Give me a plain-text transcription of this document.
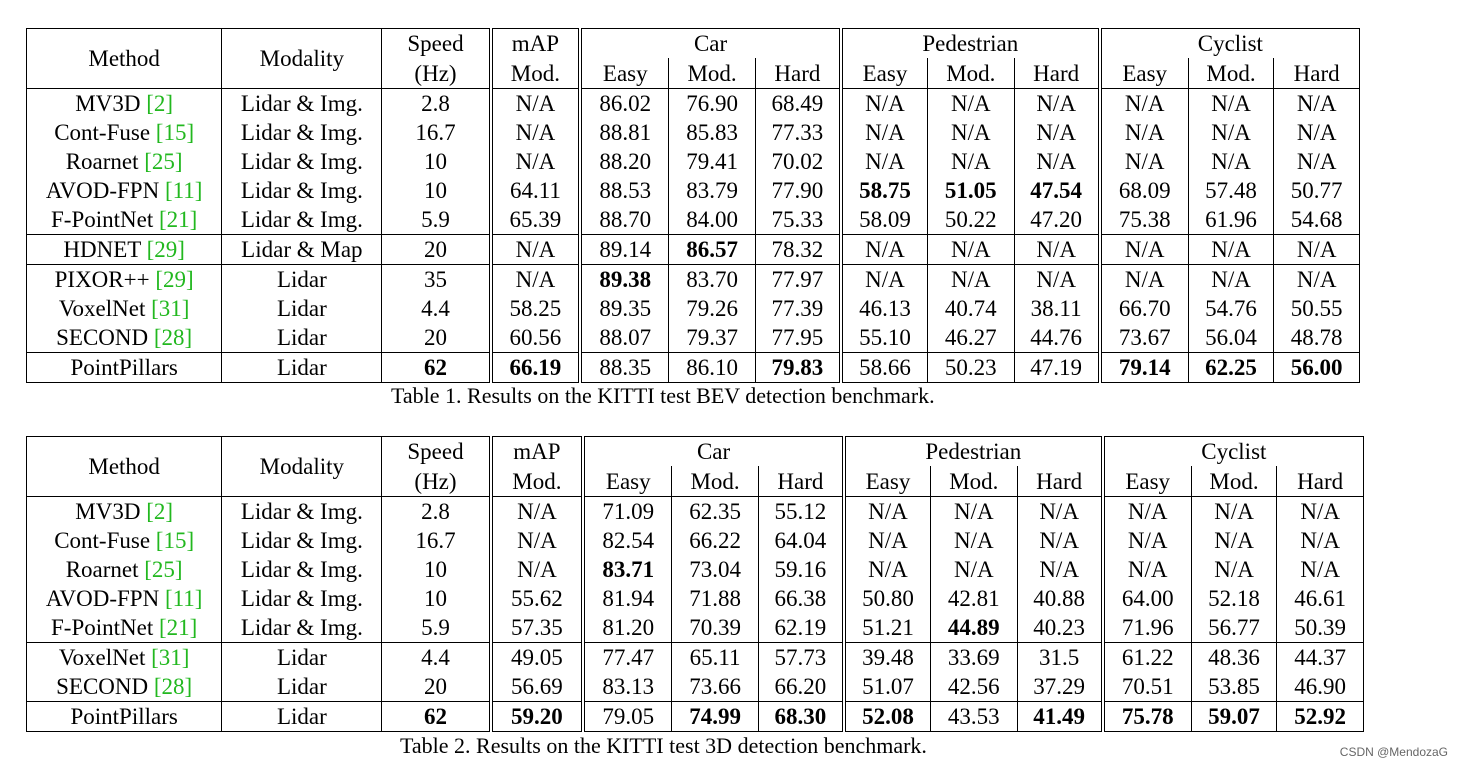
Method	Modality	Speed	mAP	Car			Pedestrian			Cyclist		
		(Hz)	Mod.	Easy	Mod.	Hard	Easy	Mod.	Hard	Easy	Mod.	Hard
MV3D [2]	Lidar & Img.	2.8	N/A	86.02	76.90	68.49	N/A	N/A	N/A	N/A	N/A	N/A
Cont-Fuse [15]	Lidar & Img.	16.7	N/A	88.81	85.83	77.33	N/A	N/A	N/A	N/A	N/A	N/A
Roarnet [25]	Lidar & Img.	10	N/A	88.20	79.41	70.02	N/A	N/A	N/A	N/A	N/A	N/A
AVOD-FPN [11]	Lidar & Img.	10	64.11	88.53	83.79	77.90	58.75	51.05	47.54	68.09	57.48	50.77
F-PointNet [21]	Lidar & Img.	5.9	65.39	88.70	84.00	75.33	58.09	50.22	47.20	75.38	61.96	54.68
HDNET [29]	Lidar & Map	20	N/A	89.14	86.57	78.32	N/A	N/A	N/A	N/A	N/A	N/A
PIXOR++ [29]	Lidar	35	N/A	89.38	83.70	77.97	N/A	N/A	N/A	N/A	N/A	N/A
VoxelNet [31]	Lidar	4.4	58.25	89.35	79.26	77.39	46.13	40.74	38.11	66.70	54.76	50.55
SECOND [28]	Lidar	20	60.56	88.07	79.37	77.95	55.10	46.27	44.76	73.67	56.04	48.78
PointPillars	Lidar	62	66.19	88.35	86.10	79.83	58.66	50.23	47.19	79.14	62.25	56.00
Table 1. Results on the KITTI test BEV detection benchmark.
Method	Modality	Speed	mAP	Car			Pedestrian			Cyclist		
		(Hz)	Mod.	Easy	Mod.	Hard	Easy	Mod.	Hard	Easy	Mod.	Hard
MV3D [2]	Lidar & Img.	2.8	N/A	71.09	62.35	55.12	N/A	N/A	N/A	N/A	N/A	N/A
Cont-Fuse [15]	Lidar & Img.	16.7	N/A	82.54	66.22	64.04	N/A	N/A	N/A	N/A	N/A	N/A
Roarnet [25]	Lidar & Img.	10	N/A	83.71	73.04	59.16	N/A	N/A	N/A	N/A	N/A	N/A
AVOD-FPN [11]	Lidar & Img.	10	55.62	81.94	71.88	66.38	50.80	42.81	40.88	64.00	52.18	46.61
F-PointNet [21]	Lidar & Img.	5.9	57.35	81.20	70.39	62.19	51.21	44.89	40.23	71.96	56.77	50.39
VoxelNet [31]	Lidar	4.4	49.05	77.47	65.11	57.73	39.48	33.69	31.5	61.22	48.36	44.37
SECOND [28]	Lidar	20	56.69	83.13	73.66	66.20	51.07	42.56	37.29	70.51	53.85	46.90
PointPillars	Lidar	62	59.20	79.05	74.99	68.30	52.08	43.53	41.49	75.78	59.07	52.92
Table 2. Results on the KITTI test 3D detection benchmark.	CSDN @MendozaG
